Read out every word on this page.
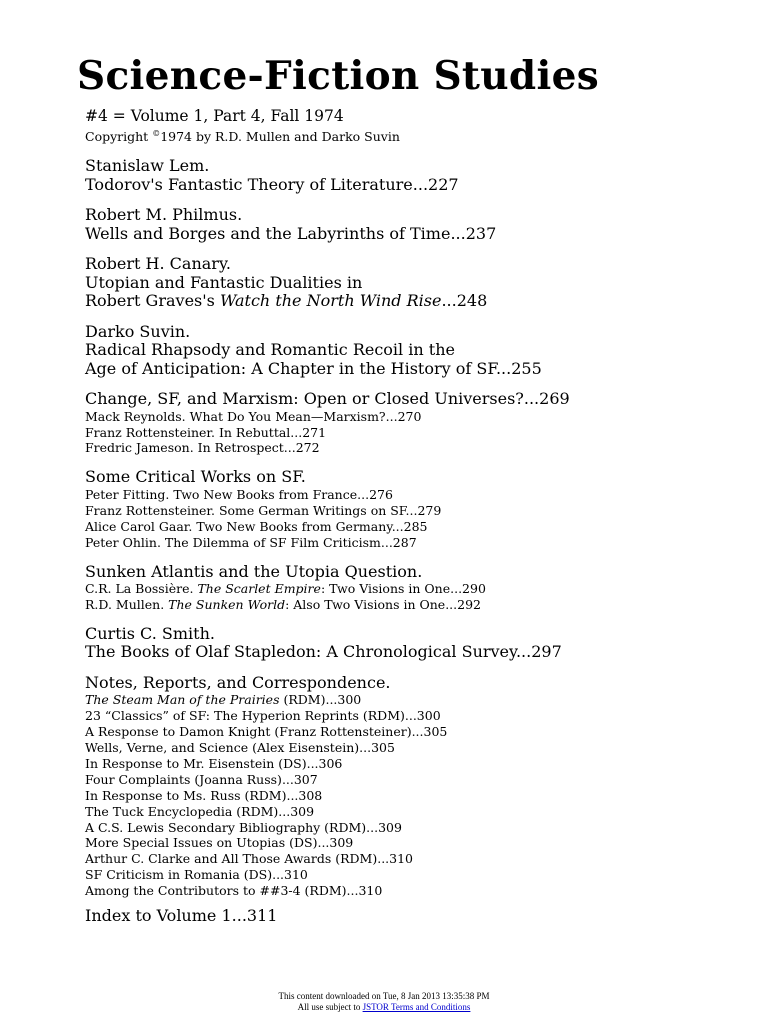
Science-Fiction Studies
#4 = Volume 1, Part 4, Fall 1974
Copyright ©1974 by R.D. Mullen and Darko Suvin
Stanislaw Lem.
Todorov's Fantastic Theory of Literature...227
Robert M. Philmus.
Wells and Borges and the Labyrinths of Time...237
Robert H. Canary.
Utopian and Fantastic Dualities in
Robert Graves's Watch the North Wind Rise...248
Darko Suvin.
Radical Rhapsody and Romantic Recoil in the
Age of Anticipation: A Chapter in the History of SF...255
Change, SF, and Marxism: Open or Closed Universes?...269
Mack Reynolds. What Do You Mean—Marxism?...270
Franz Rottensteiner. In Rebuttal...271
Fredric Jameson. In Retrospect...272
Some Critical Works on SF.
Peter Fitting. Two New Books from France...276
Franz Rottensteiner. Some German Writings on SF...279
Alice Carol Gaar. Two New Books from Germany...285
Peter Ohlin. The Dilemma of SF Film Criticism...287
Sunken Atlantis and the Utopia Question.
C.R. La Bossière. The Scarlet Empire: Two Visions in One...290
R.D. Mullen. The Sunken World: Also Two Visions in One...292
Curtis C. Smith.
The Books of Olaf Stapledon: A Chronological Survey...297
Notes, Reports, and Correspondence.
The Steam Man of the Prairies (RDM)...300
23 “Classics” of SF: The Hyperion Reprints (RDM)...300
A Response to Damon Knight (Franz Rottensteiner)...305
Wells, Verne, and Science (Alex Eisenstein)...305
In Response to Mr. Eisenstein (DS)...306
Four Complaints (Joanna Russ)...307
In Response to Ms. Russ (RDM)...308
The Tuck Encyclopedia (RDM)...309
A C.S. Lewis Secondary Bibliography (RDM)...309
More Special Issues on Utopias (DS)...309
Arthur C. Clarke and All Those Awards (RDM)...310
SF Criticism in Romania (DS)...310
Among the Contributors to ##3-4 (RDM)...310
Index to Volume 1...311
This content downloaded on Tue, 8 Jan 2013 13:35:38 PM
All use subject to JSTOR Terms and Conditions
